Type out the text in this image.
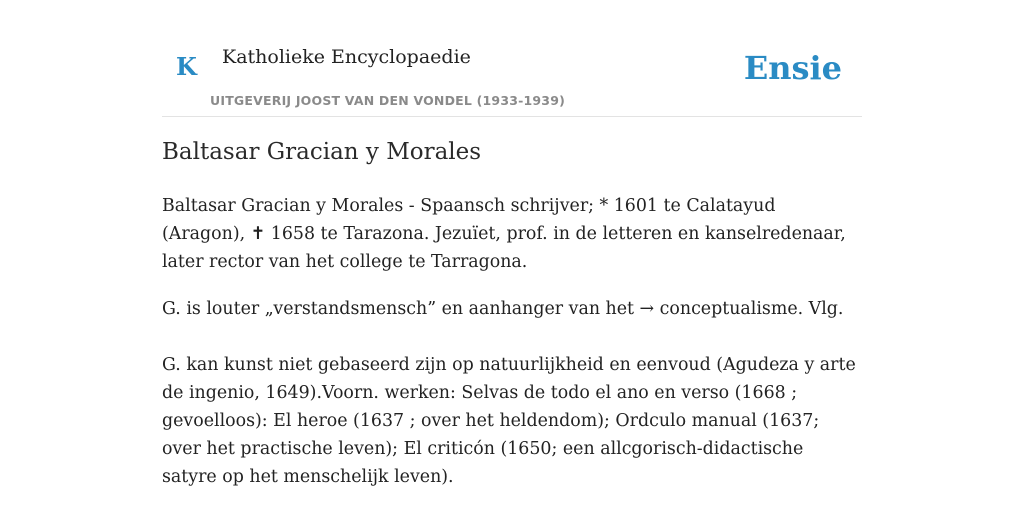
K Katholieke Encyclopaedie
UITGEVERIJ JOOST VAN DEN VONDEL (1933-1939)
Ensie
Baltasar Gracian y Morales

Baltasar Gracian y Morales - Spaansch schrijver; * 1601 te Calatayud (Aragon), ✝ 1658 te Tarazona. Jezuïet, prof. in de letteren en kanselredenaar, later rector van het college te Tarragona.

G. is louter „verstandsmensch” en aanhanger van het → conceptualisme. Vlg.

G. kan kunst niet gebaseerd zijn op natuurlijkheid en eenvoud (Agudeza y arte de ingenio, 1649).Voorn. werken: Selvas de todo el ano en verso (1668 ; gevoelloos): El heroe (1637 ; over het heldendom); Ordculo manual (1637; over het practische leven); El criticón (1650; een allcgorisch-didactische satyre op het menschelijk leven).
